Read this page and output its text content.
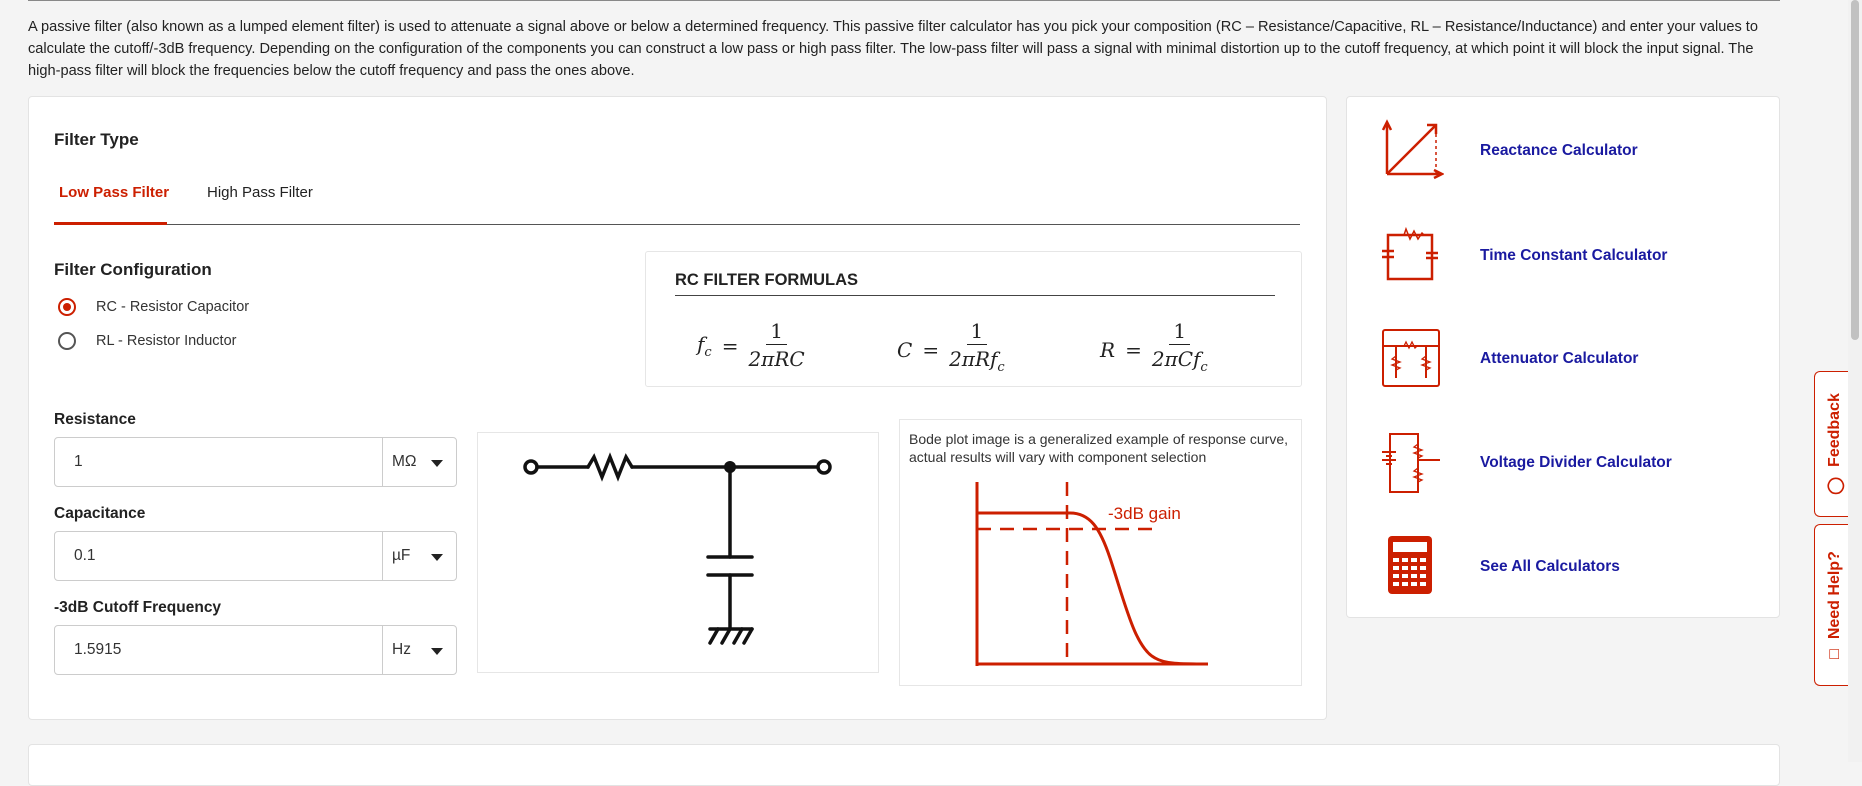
A passive filter (also known as a lumped element filter) is used to attenuate a signal above or below a determined frequency. This passive filter calculator has you pick your composition (RC – Resistance/Capacitive, RL – Resistance/Inductance) and enter your values to calculate the cutoff/-3dB frequency. Depending on the configuration of the components you can construct a low pass or high pass filter. The low-pass filter will pass a signal with minimal distortion up to the cutoff frequency, at which point it will block the input signal. The high-pass filter will block the frequencies below the cutoff frequency and pass the ones above.

Filter Type
Low Pass Filter	High Pass Filter
Filter Configuration
RC - Resistor Capacitor
RL - Resistor Inductor
Resistance
1	MΩ
Capacitance
0.1	µF
-3dB Cutoff Frequency
1.5915	Hz
RC FILTER FORMULAS
$f_c = \frac{1}{\text{2πRC}}$	$C = \frac{1}{2\pi Rf_c}$	$R = \frac{1}{2\pi Cf_c}$
Bode plot image is a generalized example of response curve, actual results will vary with component selection
-3dB gain
Reactance Calculator
Time Constant Calculator
Attenuator Calculator
Voltage Divider Calculator
See All Calculators
◯
Feedback
□
Need Help?
